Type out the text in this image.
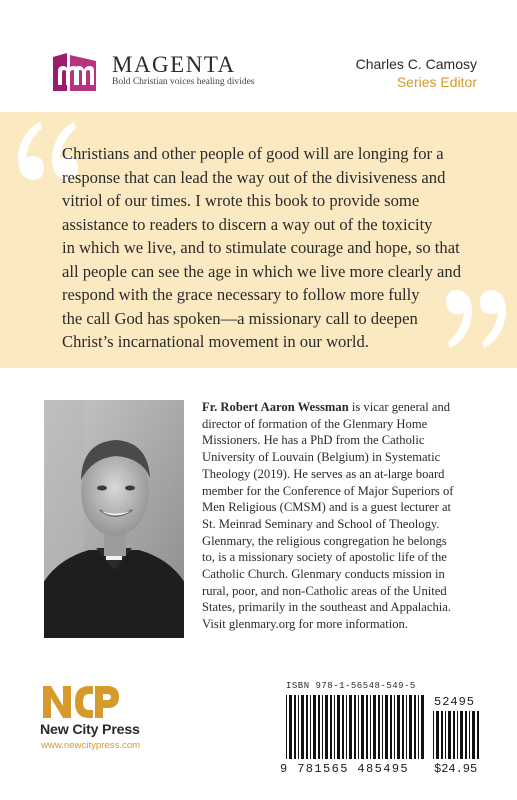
MAGENTA
Bold Christian voices healing divides
Charles C. Camosy
Series Editor
Christians and other people of good will are longing for a
response that can lead the way out of the divisiveness and
vitriol of our times. I wrote this book to provide some
assistance to readers to discern a way out of the toxicity
in which we live, and to stimulate courage and hope, so that
all people can see the age in which we live more clearly and
respond with the grace necessary to follow more fully
the call God has spoken—a missionary call to deepen
Christ’s incarnational movement in our world.
Fr. Robert Aaron Wessman is vicar general and
director of formation of the Glenmary Home
Missioners. He has a PhD from the Catholic
University of Louvain (Belgium) in Systematic
Theology (2019). He serves as an at-large board
member for the Conference of Major Superiors of
Men Religious (CMSM) and is a guest lecturer at
St. Meinrad Seminary and School of Theology.
Glenmary, the religious congregation he belongs
to, is a missionary society of apostolic life of the
Catholic Church. Glenmary conducts mission in
rural, poor, and non-Catholic areas of the United
States, primarily in the southeast and Appalachia.
Visit glenmary.org for more information.
New City Press
www.newcitypress.com
ISBN 978-1-56548-549-5
9 781565 485495
52495
$24.95
